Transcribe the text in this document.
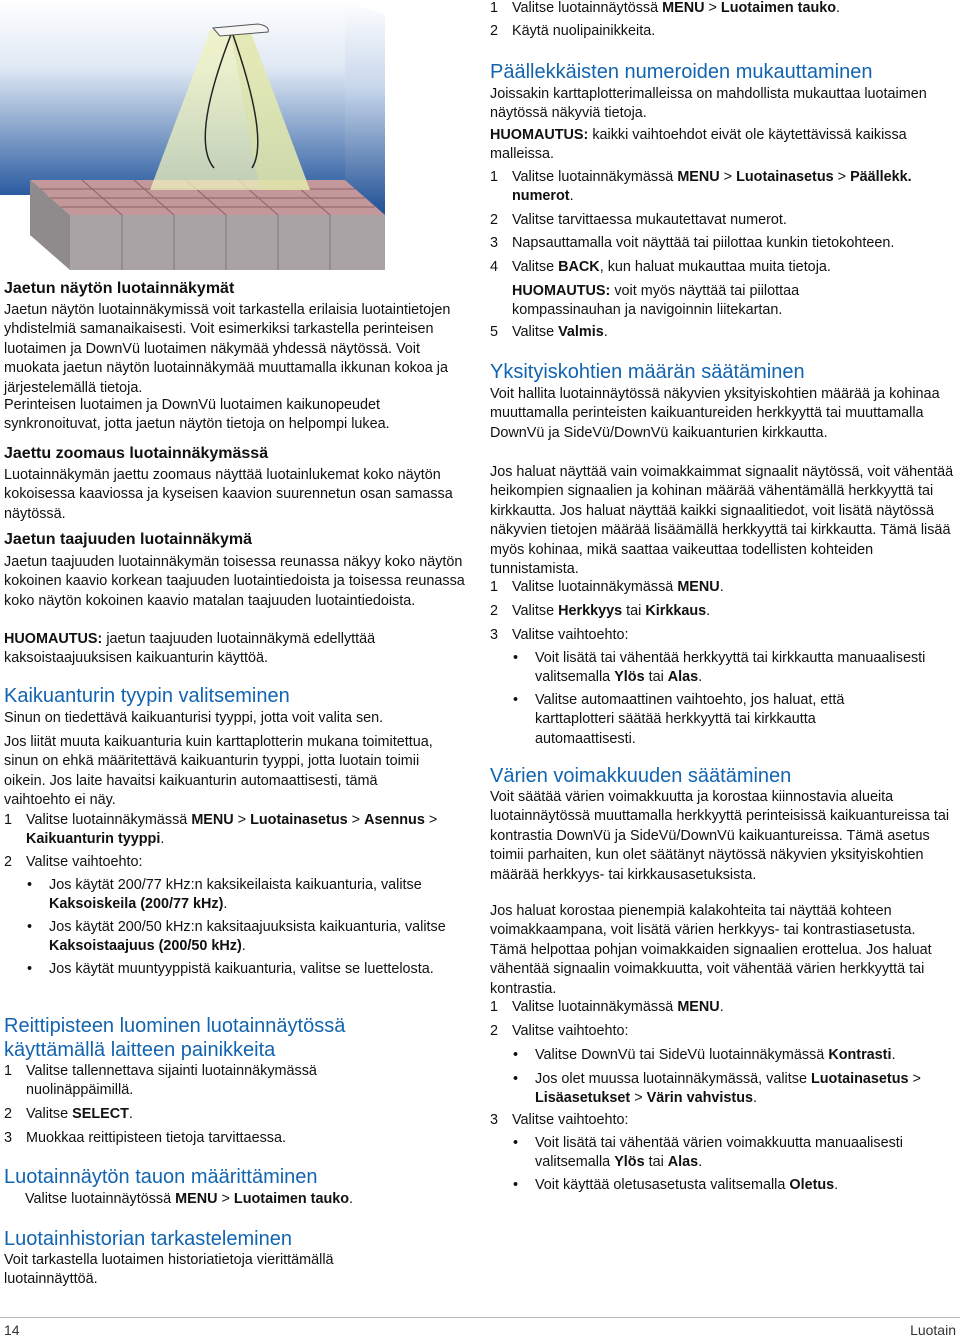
Jaetun näytön luotainnäkymät

Jaetun näytön luotainnäkymissä voit tarkastella erilaisia luotaintietojen yhdistelmiä samanaikaisesti. Voit esimerkiksi tarkastella perinteisen luotaimen ja DownVü luotaimen näkymää yhdessä näytössä. Voit muokata jaetun näytön luotainnäkymää muuttamalla ikkunan kokoa ja järjestelemällä tietoja.

Perinteisen luotaimen ja DownVü luotaimen kaikunopeudet synkronoituvat, jotta jaetun näytön tietoja on helpompi lukea.

Jaettu zoomaus luotainnäkymässä

Luotainnäkymän jaettu zoomaus näyttää luotainlukemat koko näytön kokoisessa kaaviossa ja kyseisen kaavion suurennetun osan samassa näytössä.

Jaetun taajuuden luotainnäkymä

Jaetun taajuuden luotainnäkymän toisessa reunassa näkyy koko näytön kokoinen kaavio korkean taajuuden luotaintiedoista ja toisessa reunassa koko näytön kokoinen kaavio matalan taajuuden luotaintiedoista.

HUOMAUTUS: jaetun taajuuden luotainnäkymä edellyttää kaksoistaajuuksisen kaikuanturin käyttöä.

Kaikuanturin tyypin valitseminen

Sinun on tiedettävä kaikuanturisi tyyppi, jotta voit valita sen.

Jos liität muuta kaikuanturia kuin karttaplotterin mukana toimitettua, sinun on ehkä määritettävä kaikuanturin tyyppi, jotta luotain toimii oikein. Jos laite havaitsi kaikuanturin automaattisesti, tämä vaihtoehto ei näy.

1 Valitse luotainnäkymässä MENU > Luotainasetus > Asennus > Kaikuanturin tyyppi.
2 Valitse vaihtoehto:
• Jos käytät 200/77 kHz:n kaksikeilaista kaikuanturia, valitse Kaksoiskeila (200/77 kHz).
• Jos käytät 200/50 kHz:n kaksitaajuuksista kaikuanturia, valitse Kaksoistaajuus (200/50 kHz).
• Jos käytät muuntyyppistä kaikuanturia, valitse se luettelosta.

Reittipisteen luominen luotainnäytössä käyttämällä laitteen painikkeita

1 Valitse tallennettava sijainti luotainnäkymässä nuolinäppäimillä.
2 Valitse SELECT.
3 Muokkaa reittipisteen tietoja tarvittaessa.

Luotainnäytön tauon määrittäminen

Valitse luotainnäytössä MENU > Luotaimen tauko.

Luotainhistorian tarkasteleminen

Voit tarkastella luotaimen historiatietoja vierittämällä luotainnäyttöä.

1 Valitse luotainnäytössä MENU > Luotaimen tauko.
2 Käytä nuolipainikkeita.

Päällekkäisten numeroiden mukauttaminen

Joissakin karttaplotterimalleissa on mahdollista mukauttaa luotaimen näytössä näkyviä tietoja.

HUOMAUTUS: kaikki vaihtoehdot eivät ole käytettävissä kaikissa malleissa.

1 Valitse luotainnäkymässä MENU > Luotainasetus > Päällekk. numerot.
2 Valitse tarvittaessa mukautettavat numerot.
3 Napsauttamalla voit näyttää tai piilottaa kunkin tietokohteen.
4 Valitse BACK, kun haluat mukauttaa muita tietoja.

HUOMAUTUS: voit myös näyttää tai piilottaa kompassinauhan ja navigoinnin liitekartan.

5 Valitse Valmis.

Yksityiskohtien määrän säätäminen

Voit hallita luotainnäytössä näkyvien yksityiskohtien määrää ja kohinaa muuttamalla perinteisten kaikuantureiden herkkyyttä tai muuttamalla DownVü ja SideVü/DownVü kaikuanturien kirkkautta.

Jos haluat näyttää vain voimakkaimmat signaalit näytössä, voit vähentää heikompien signaalien ja kohinan määrää vähentämällä herkkyyttä tai kirkkautta. Jos haluat näyttää kaikki signaalitiedot, voit lisätä näytössä näkyvien tietojen määrää lisäämällä herkkyyttä tai kirkkautta. Tämä lisää myös kohinaa, mikä saattaa vaikeuttaa todellisten kohteiden tunnistamista.

1 Valitse luotainnäkymässä MENU.
2 Valitse Herkkyys tai Kirkkaus.
3 Valitse vaihtoehto:
• Voit lisätä tai vähentää herkkyyttä tai kirkkautta manuaalisesti valitsemalla Ylös tai Alas.
• Valitse automaattinen vaihtoehto, jos haluat, että karttaplotteri säätää herkkyyttä tai kirkkautta automaattisesti.

Värien voimakkuuden säätäminen

Voit säätää värien voimakkuutta ja korostaa kiinnostavia alueita luotainnäytössä muuttamalla herkkyyttä perinteisissä kaikuantureissa tai kontrastia DownVü ja SideVü/DownVü kaikuantureissa. Tämä asetus toimii parhaiten, kun olet säätänyt näytössä näkyvien yksityiskohtien määrää herkkyys- tai kirkkausasetuksista.

Jos haluat korostaa pienempiä kalakohteita tai näyttää kohteen voimakkaampana, voit lisätä värien herkkyys- tai kontrastiasetusta. Tämä helpottaa pohjan voimakkaiden signaalien erottelua. Jos haluat vähentää signaalin voimakkuutta, voit vähentää värien herkkyyttä tai kontrastia.

1 Valitse luotainnäkymässä MENU.
2 Valitse vaihtoehto:
• Valitse DownVü tai SideVü luotainnäkymässä Kontrasti.
• Jos olet muussa luotainnäkymässä, valitse Luotainasetus > Lisäasetukset > Värin vahvistus.
3 Valitse vaihtoehto:
• Voit lisätä tai vähentää värien voimakkuutta manuaalisesti valitsemalla Ylös tai Alas.
• Voit käyttää oletusasetusta valitsemalla Oletus.
14	Luotain
